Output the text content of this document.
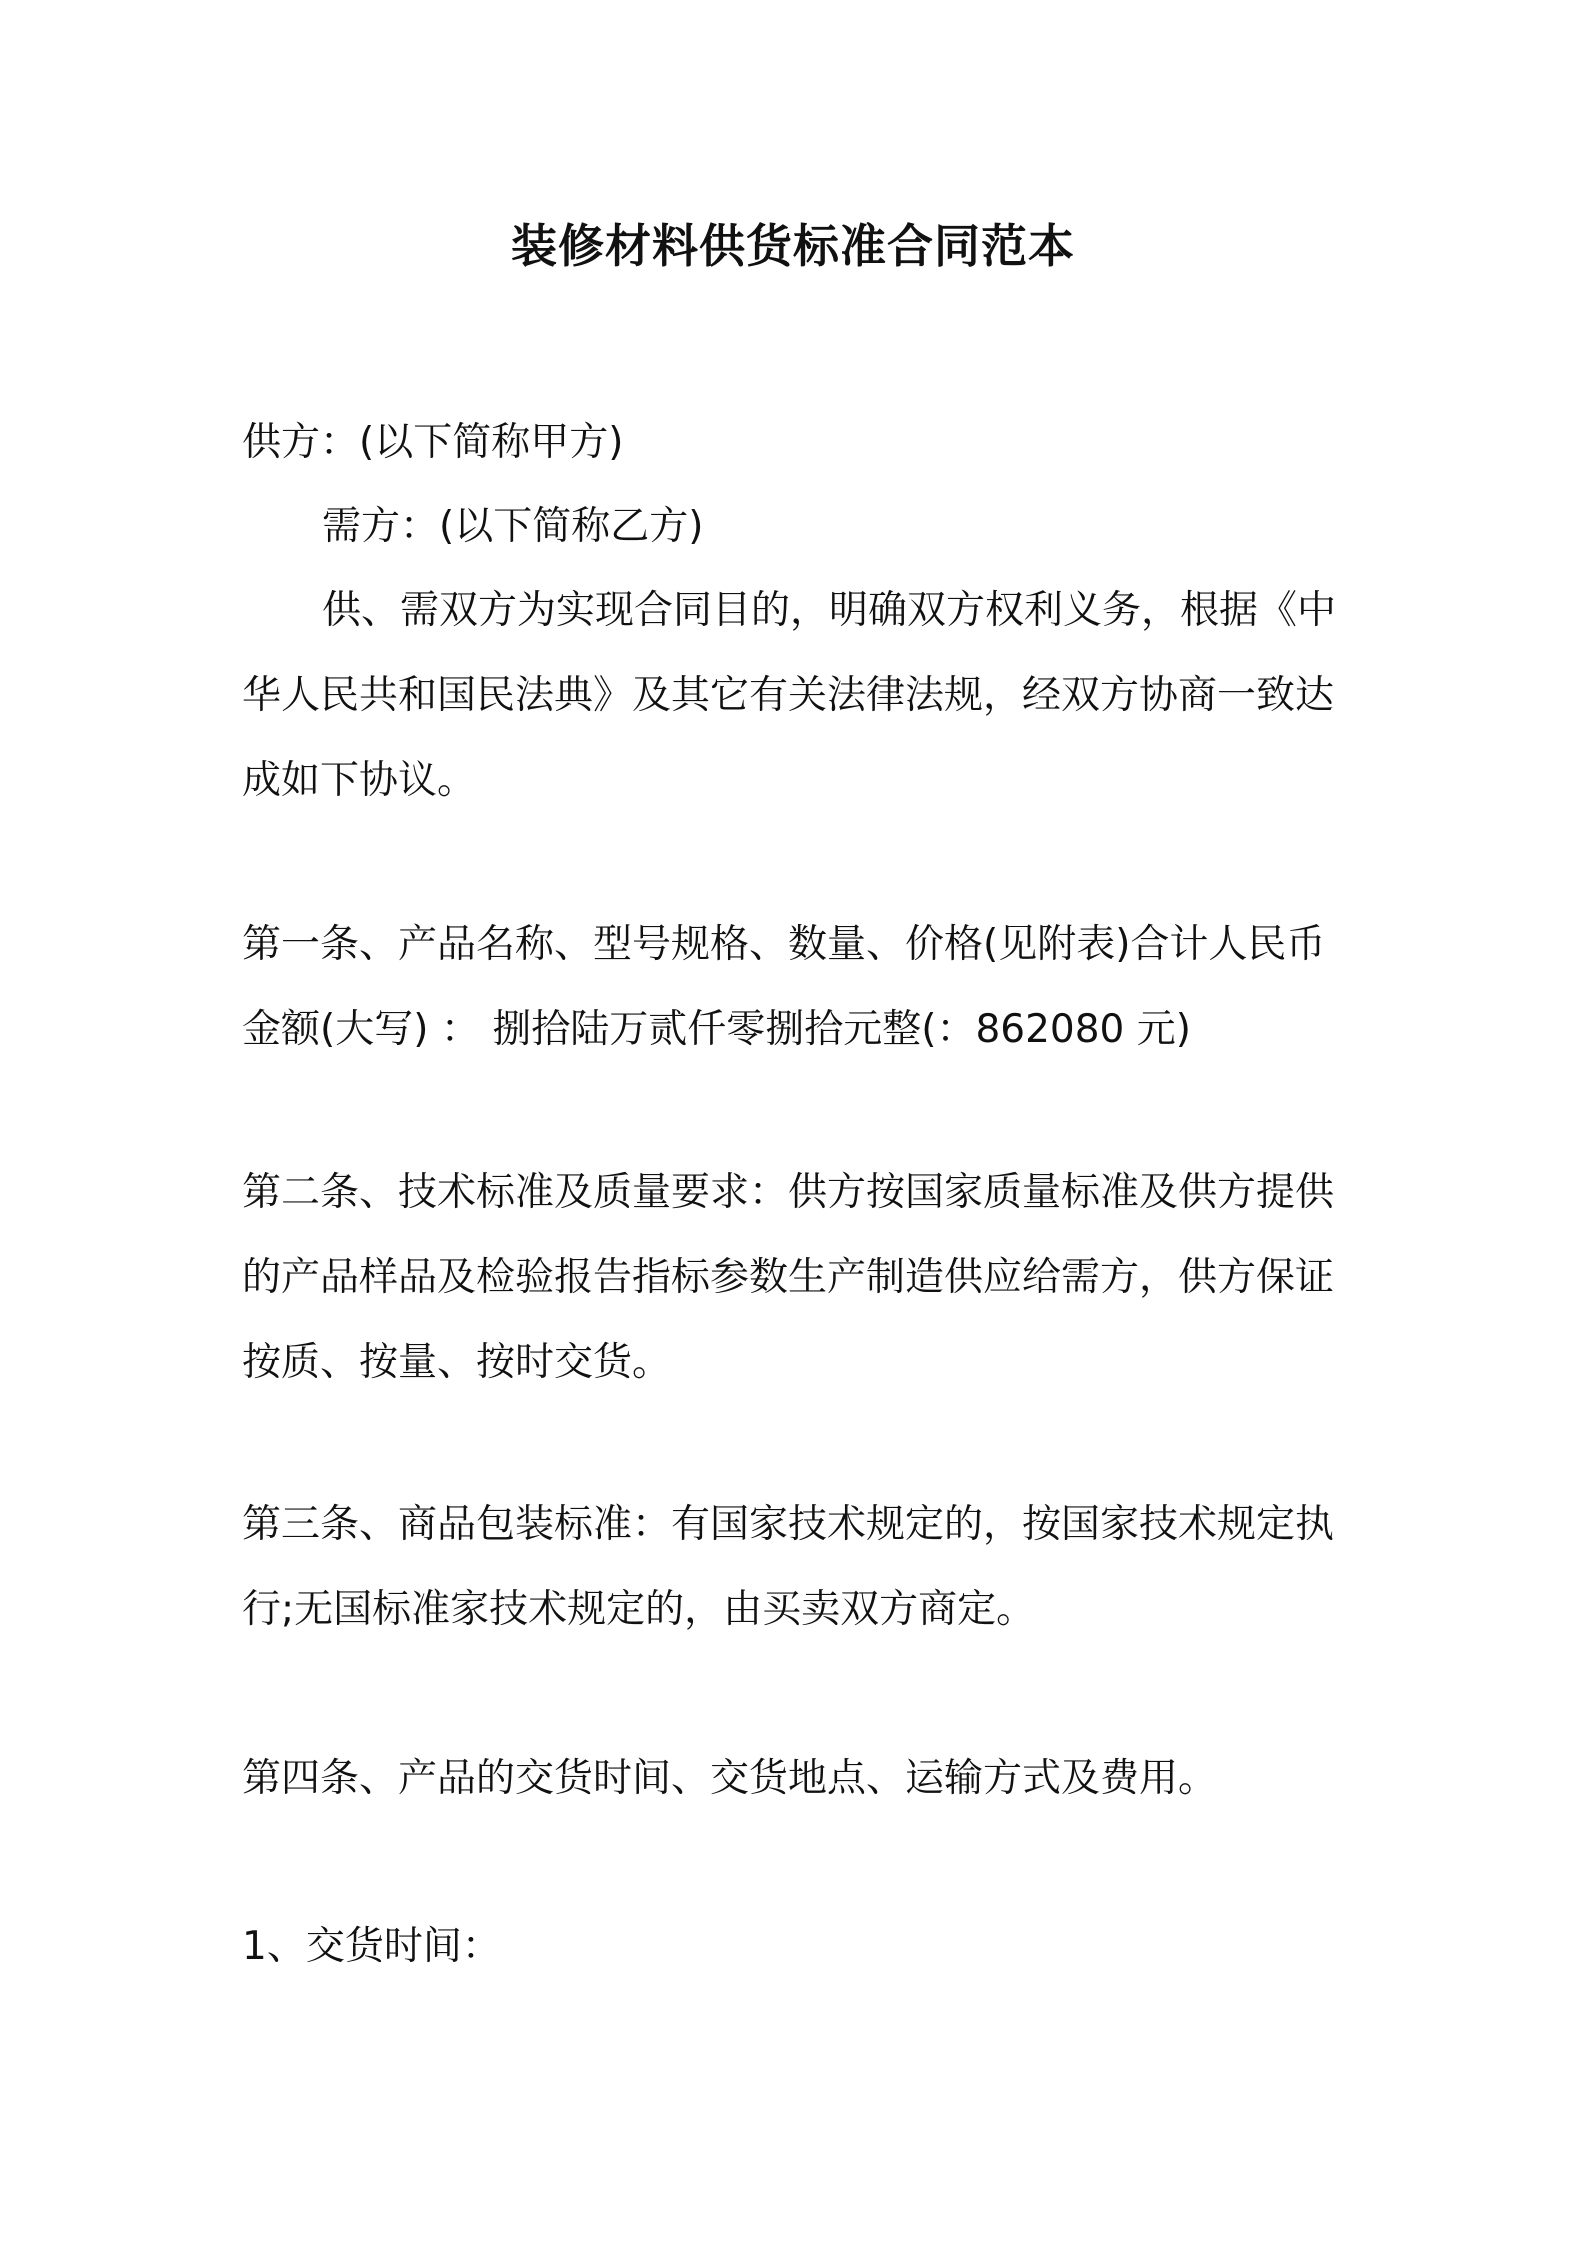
装修材料供货标准合同范本
供方：(以下简称甲方)
需方：(以下简称乙方)
供、需双方为实现合同目的，明确双方权利义务，根据《中
华人民共和国民法典》及其它有关法律法规，经双方协商一致达
成如下协议。
第一条、产品名称、型号规格、数量、价格(见附表)合计人民币
金额(大写) ： 捌拾陆万贰仟零捌拾元整(：862080 元)
第二条、技术标准及质量要求：供方按国家质量标准及供方提供
的产品样品及检验报告指标参数生产制造供应给需方，供方保证
按质、按量、按时交货。
第三条、商品包装标准：有国家技术规定的，按国家技术规定执
行;无国标准家技术规定的，由买卖双方商定。
第四条、产品的交货时间、交货地点、运输方式及费用。
1、交货时间：
